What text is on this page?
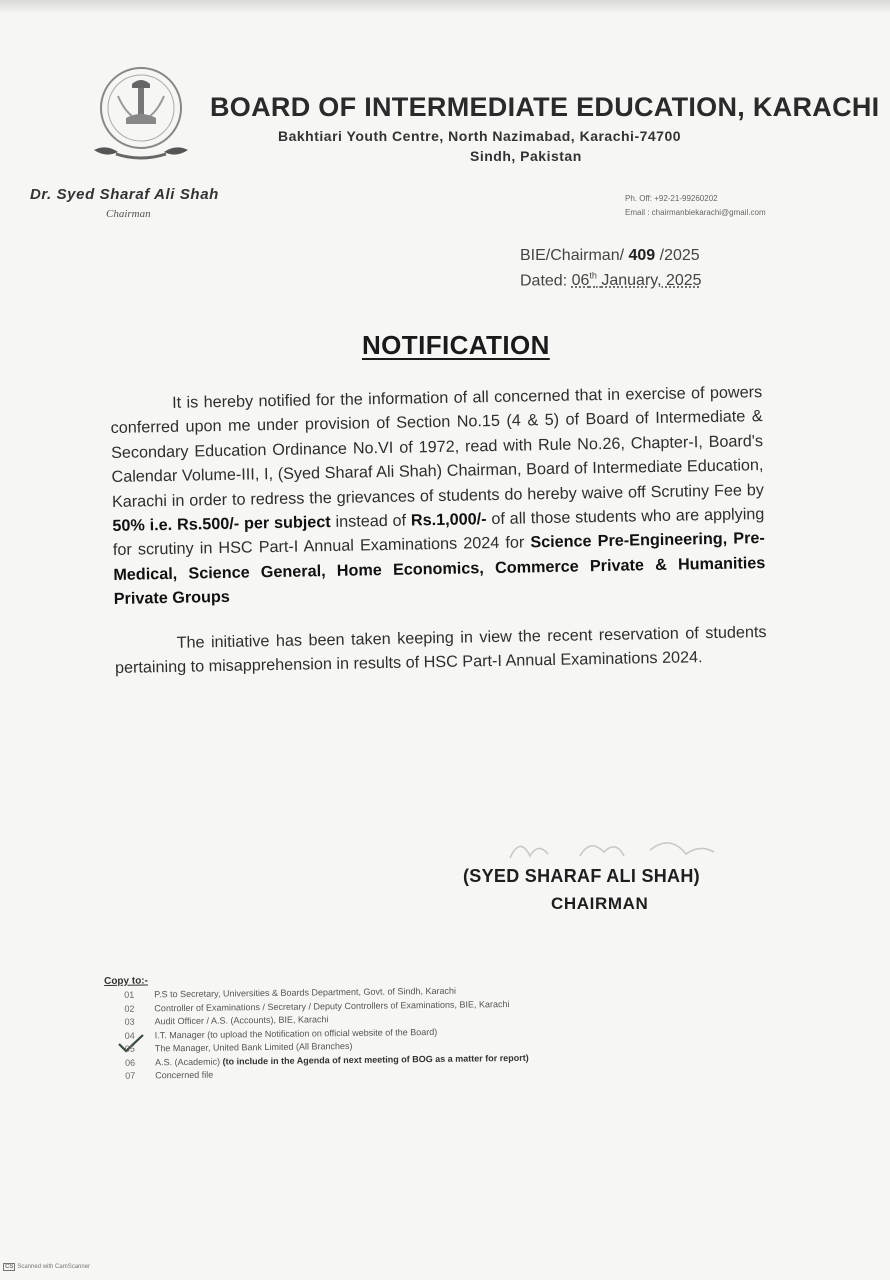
BOARD OF INTERMEDIATE EDUCATION, KARACHI
Bakhtiari Youth Centre, North Nazimabad, Karachi-74700
Sindh, Pakistan
Dr. Syed Sharaf Ali Shah
Chairman
Ph. Off: +92-21-99260202
Email : chairmanbiekarachi@gmail.com
BIE/Chairman/ 409 /2025
Dated: 06th January, 2025
NOTIFICATION

It is hereby notified for the information of all concerned that in exercise of powers conferred upon me under provision of Section No.15 (4 & 5) of Board of Intermediate & Secondary Education Ordinance No.VI of 1972, read with Rule No.26, Chapter-I, Board's Calendar Volume-III, I, (Syed Sharaf Ali Shah) Chairman, Board of Intermediate Education, Karachi in order to redress the grievances of students do hereby waive off Scrutiny Fee by 50% i.e. Rs.500/- per subject instead of Rs.1,000/- of all those students who are applying for scrutiny in HSC Part-I Annual Examinations 2024 for Science Pre-Engineering, Pre-Medical, Science General, Home Economics, Commerce Private & Humanities Private Groups

The initiative has been taken keeping in view the recent reservation of students pertaining to misapprehension in results of HSC Part-I Annual Examinations 2024.

(SYED SHARAF ALI SHAH)
CHAIRMAN
Copy to:-
01 P.S to Secretary, Universities & Boards Department, Govt. of Sindh, Karachi
02 Controller of Examinations / Secretary / Deputy Controllers of Examinations, BIE, Karachi
03 Audit Officer / A.S. (Accounts), BIE, Karachi
04 I.T. Manager (to upload the Notification on official website of the Board)
05 The Manager, United Bank Limited (All Branches)
06 A.S. (Academic) (to include in the Agenda of next meeting of BOG as a matter for report)
07 Concerned file
CS Scanned with CamScanner
